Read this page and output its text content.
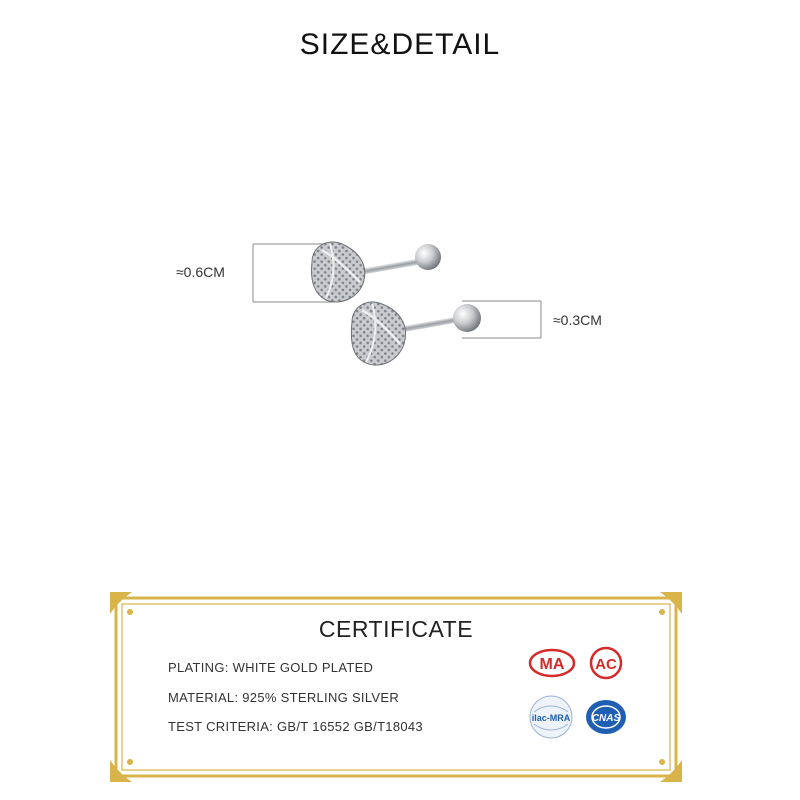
SIZE&DETAIL
≈0.6CM
≈0.3CM
CERTIFICATE
PLATING: WHITE GOLD PLATED
MATERIAL: 925% STERLING SILVER
TEST CRITERIA: GB/T 16552 GB/T18043
MA AC
ilac-MRA CNAS
